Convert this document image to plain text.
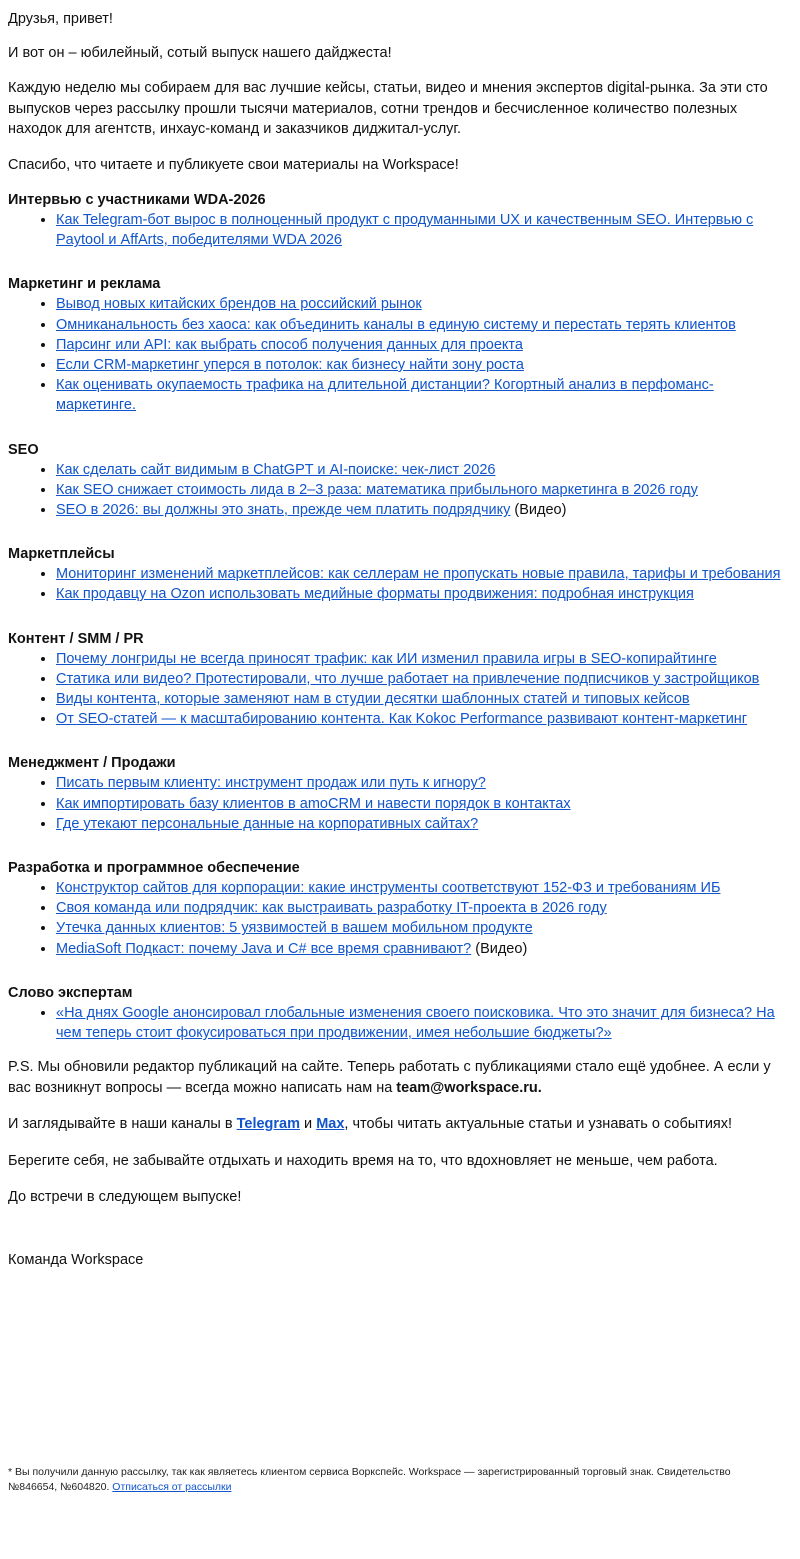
Друзья, привет!

И вот он – юбилейный, сотый выпуск нашего дайджеста!

Каждую неделю мы собираем для вас лучшие кейсы, статьи, видео и мнения экспертов digital-рынка. За эти сто выпусков через рассылку прошли тысячи материалов, сотни трендов и бесчисленное количество полезных находок для агентств, инхаус-команд и заказчиков диджитал-услуг.

Спасибо, что читаете и публикуете свои материалы на Workspace!

Интервью с участниками WDA-2026
• Как Telegram-бот вырос в полноценный продукт с продуманными UX и качественным SEO. Интервью с Paytool и AffArts, победителями WDA 2026
Маркетинг и реклама
• Вывод новых китайских брендов на российский рынок
• Омниканальность без хаоса: как объединить каналы в единую систему и перестать терять клиентов
• Парсинг или API: как выбрать способ получения данных для проекта
• Если CRM-маркетинг уперся в потолок: как бизнесу найти зону роста
• Как оценивать окупаемость трафика на длительной дистанции? Когортный анализ в перфоманс-маркетинге.
SEO
• Как сделать сайт видимым в ChatGPT и AI-поиске: чек-лист 2026
• Как SEO снижает стоимость лида в 2–3 раза: математика прибыльного маркетинга в 2026 году
• SEO в 2026: вы должны это знать, прежде чем платить подрядчику (Видео)
Маркетплейсы
• Мониторинг изменений маркетплейсов: как селлерам не пропускать новые правила, тарифы и требования
• Как продавцу на Ozon использовать медийные форматы продвижения: подробная инструкция
Контент / SMM / PR
• Почему лонгриды не всегда приносят трафик: как ИИ изменил правила игры в SEO-копирайтинге
• Статика или видео? Протестировали, что лучше работает на привлечение подписчиков у застройщиков
• Виды контента, которые заменяют нам в студии десятки шаблонных статей и типовых кейсов
• От SEO-статей — к масштабированию контента. Как Kokoc Performance развивают контент-маркетинг
Менеджмент / Продажи
• Писать первым клиенту: инструмент продаж или путь к игнору?
• Как импортировать базу клиентов в amoCRM и навести порядок в контактах
• Где утекают персональные данные на корпоративных сайтах?
Разработка и программное обеспечение
• Конструктор сайтов для корпорации: какие инструменты соответствуют 152-ФЗ и требованиям ИБ
• Своя команда или подрядчик: как выстраивать разработку IT-проекта в 2026 году
• Утечка данных клиентов: 5 уязвимостей в вашем мобильном продукте
• MediaSoft Подкаст: почему Java и C# все время сравнивают? (Видео)
Слово экспертам
• «На днях Google анонсировал глобальные изменения своего поисковика. Что это значит для бизнеса? На чем теперь стоит фокусироваться при продвижении, имея небольшие бюджеты?»

P.S. Мы обновили редактор публикаций на сайте. Теперь работать с публикациями стало ещё удобнее. А если у вас возникнут вопросы — всегда можно написать нам на team@workspace.ru.

И заглядывайте в наши каналы в Telegram и Max, чтобы читать актуальные статьи и узнавать о событиях!

Берегите себя, не забывайте отдыхать и находить время на то, что вдохновляет не меньше, чем работа.

До встречи в следующем выпуске!

Команда Workspace

* Вы получили данную рассылку, так как являетесь клиентом сервиса Воркспейс. Workspace — зарегистрированный торговый знак. Свидетельство №846654, №604820. Отписаться от рассылки
